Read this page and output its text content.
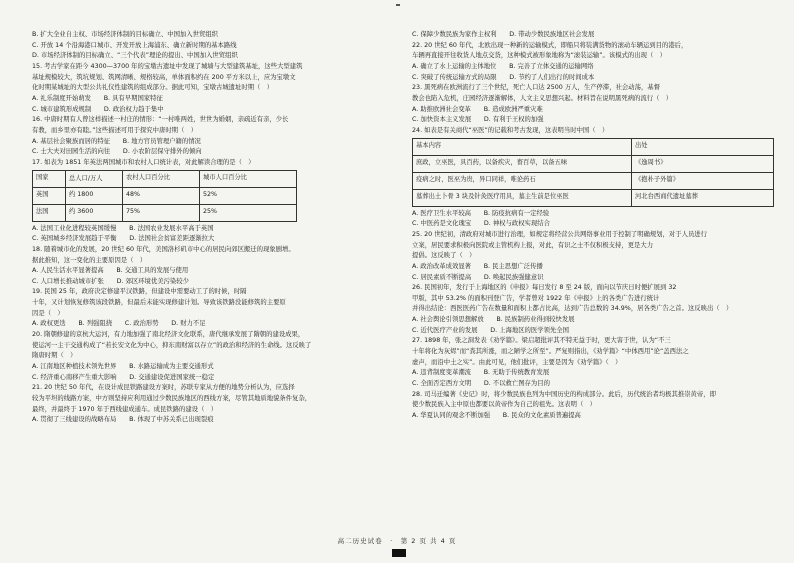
B. 扩大全业自主权、市场经济体制的目标确立、中国加入世贸组织
C. 开放 14 个沿海港口城市、开发开放上海浦东、确立新时期的基本路线
D. 市场经济体制的目标确立、“三个代表”理论的提出、中国加入世贸组织
15. 考古学家在距今 4300—3700 年的宝墩古遗址中发现了城墙与大型建筑基址，这些大型建筑
基址规模较大，筑坑规划、筑网清晰、规格较高，单体面积约在 200 平方米以上，应为宝墩文
化时期某城址的大型公共礼仪性建筑的组成部分。据此可知，宝墩古城遗址时期（　）
A. 礼乐制度开始萌发　　B. 具有早期国家特征
C. 城市建筑形成规制　　D. 政治权力趋于集中
16. 中唐时期有人曾这样描述一村庄的情形：“一村唯两姓，世世为婚姻，亲疏近有亲，少长
有教，而乡里亦有睦。”这些描述可用于探究中唐时期（　）
A. 基层社会聚族而居的特征　　B. 地方官员管理户籍的情况
C. 士大夫对田园生活的向往　　D. 小农阶层保守排外的倾向
17. 如表为 1851 年英法两国城市和农村人口统计表，对此解读合理的是（　）
国家	总人口/万人	农村人口百分比	城市人口百分比
英国	约 1800	48%	52%
法国	约 3600	75%	25%
A. 法国工业化进程较英国缓慢　　B. 法国农业发展水平高于英国
C. 英国城乡经济发展趋于平衡　　D. 法国社会贫富差距逐渐拉大
18. 随着城市化的发展，20 世纪 60 年代，美国洛杉矶市中心的居民向郊区搬迁的现象剧增。
据此推知，这一变化的主要原因是（　）
A. 人民生活水平显著提高　　B. 交通工具的发展与使用
C. 人口增长推动城市扩张　　D. 郊区环境优美污染较少
19. 民国 25 年，政府决定修建平汉铁路，但建设中需要动工了的时候，时隔
十年，又计划恢复修筑该段铁路，但最后未能实现修建计划。导致该铁路没能修筑的主要原
因是（　）
A. 政权更迭　　B. 列强阻挠　　C. 政治形势　　D. 财力不足
20. 隋朝修建的京杭大运河，有力地加强了南北经济文化联系，唐代继承发展了隋朝的建设成果，
使运河一主干交通构成了“若长安文化为中心，抑东南财富以存立”的政治和经济的生命线。这反映了
隋唐时期（　）
A. 江南地区种植技术领先世界　　B. 水路运输成为主要交通形式
C. 经济重心南移产生重大影响　　D. 交通建设促进国家统一稳定
21. 20 世纪 50 年代，在设计成昆铁路建设方案时，苏联专家从方便的地势分析认为，应选择
较为平坦的线路方案，中方则坚持应利用通过少数民族地区的西线方案，尽管其地质地貌条件复杂，
最终，并最终于 1970 年于西线建成通车。成昆铁路的建设（　）
A. 贯彻了三线建设的战略布局　　B. 体现了中苏关系已出现裂痕
C. 保障少数民族为家作主权利　　D. 带动少数民族地区社会发展
22. 20 世纪 60 年代，北欧出现一种新的运输模式，即船只将装满货物的滚动车辆运到目的港后，
车辆再直接开往收货人地点交货，这种模式被形象地称为“滚装运输”。该模式的出现（　）
A. 确立了水上运输的主体地位　　B. 完善了立体交通的运输网络
C. 突破了传统运输方式的局限　　D. 节约了人们出行的时间成本
23. 黑死病在欧洲流行了三个世纪，死亡人口达 2500 万人，生产停滞，社会动荡，基督
教会也陷入危机，庄园经济逐渐解体，人文主义思想兴起。材料旨在说明黑死病的流行（　）
A. 助推欧洲社会变革　　B. 造成欧洲严重灾难
C. 加快资本主义发展　　D. 有利于王权的加强
24. 如表是有关商代“巫医”的记载和考古发现，这表明当时中国（　）
基本内容	出处
庶政，立巫医，具百药，以备疾灾，畜百草，以备五味	《逸周书》
疫病之时，医巫为贵，异口同祥，唯论药石	《抱朴子外篇》
墓葬出土卜骨 3 块及针灸医疗用具，墓主生前是位巫医	河北台西商代遗址墓葬
A. 医疗卫生水平较高　　B. 防疫抗病有一定经验
C. 中医药是文化瑰宝　　D. 神权与政权实现结合
25. 20 世纪初，清政府对城市进行治理，如规定将经营公共网络事业用于控制了明确规划，对于人员进行
立案，居民要求积极向医院或主管机构上报，对此，有识之士不仅积极支持，更是大力
提倡。这反映了（　）
A. 政治改革成效显著　　B. 民主思想广泛传播
C. 居民素质不断提高　　D. 唤起民族强健意识
26. 民国初年，发行于上海地区的《申报》每日发行 8 至 24 版，面向以节庆日时便扩展到 32
甲版，其中 53.2% 的面积刊登广告，学者曾对 1922 年《申报》上的各类广告进行统计
并得出结论：西医医药广告在数量和面积上都占比高，达到广告总数的 34.9%，居各类广告之首。这反映出（　）
A. 社会舆论引领思想解放　　B. 民族制药业得到较快发展
C. 近代医疗产业的发展　　D. 上海地区的医学领先全国
27. 1898 年，张之洞发表《劝学篇》。梁启超批评其不特无益于时，更大害于世，认为“不三
十年将化为灰烬”而“粪其所涨，而之陋学之所至”。严复则指出，《劝学篇》“中体西用”论“盖西法之
虚声，而沿中土之实”。由此可见，他们批评，主要是因为《劝学篇》（　）
A. 违背制度变革潮流　　B. 无助于传统教育发展
C. 全面否定西方文明　　D. 不以救亡图存为目的
28. 司马迁编著《史记》时，将少数民族也列为中国历史的构成部分。此后，历代统治者均极其推崇黄帝，即
使少数民族入主中原也都要以黄帝作为自己的祖先。这表明（　）
A. 华夏认同的观念不断加强　　B. 民众的文化素质普遍提高
高二历史试卷　·　第 2 页 共 4 页
